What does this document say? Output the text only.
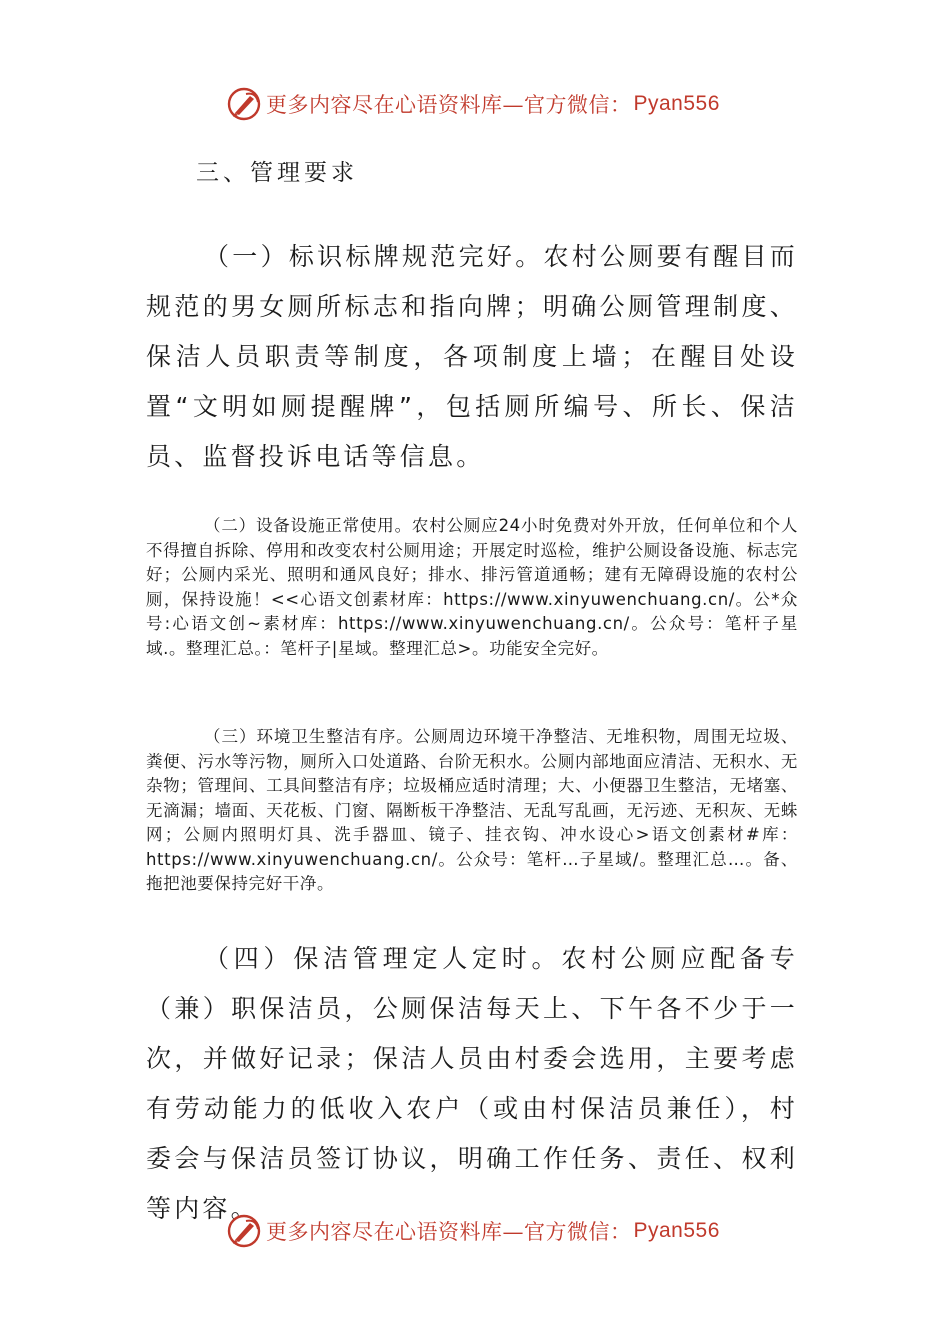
更多内容尽在心语资料库—官方微信： Pyan556
三、管理要求

（一）标识标牌规范完好。农村公厕要有醒目而规范的男女厕所标志和指向牌；明确公厕管理制度、保洁人员职责等制度，各项制度上墙；在醒目处设置“文明如厕提醒牌”，包括厕所编号、所长、保洁员、监督投诉电话等信息。

（二）设备设施正常使用。农村公厕应24小时免费对外开放，任何单位和个人不得擅自拆除、停用和改变农村公厕用途；开展定时巡检，维护公厕设备设施、标志完好；公厕内采光、照明和通风良好；排水、排污管道通畅；建有无障碍设施的农村公厕，保持设施！<<心语文创素材库：https://www.xinyuwenchuang.cn/。公*众号:心语文创~素材库：https://www.xinyuwenchuang.cn/。公众号：笔杆子星域.。整理汇总。：笔杆子|星域。整理汇总>。功能安全完好。

（三）环境卫生整洁有序。公厕周边环境干净整洁、无堆积物，周围无垃圾、粪便、污水等污物，厕所入口处道路、台阶无积水。公厕内部地面应清洁、无积水、无杂物；管理间、工具间整洁有序；垃圾桶应适时清理；大、小便器卫生整洁，无堵塞、无滴漏；墙面、天花板、门窗、隔断板干净整洁、无乱写乱画，无污迹、无积灰、无蛛网；公厕内照明灯具、洗手器皿、镜子、挂衣钩、冲水设心>语文创素材#库：https://www.xinyuwenchuang.cn/。公众号：笔杆…子星域/。整理汇总…。备、拖把池要保持完好干净。

（四）保洁管理定人定时。农村公厕应配备专（兼）职保洁员，公厕保洁每天上、下午各不少于一次，并做好记录；保洁人员由村委会选用，主要考虑有劳动能力的低收入农户（或由村保洁员兼任），村委会与保洁员签订协议，明确工作任务、责任、权利等内容。

更多内容尽在心语资料库—官方微信： Pyan556
